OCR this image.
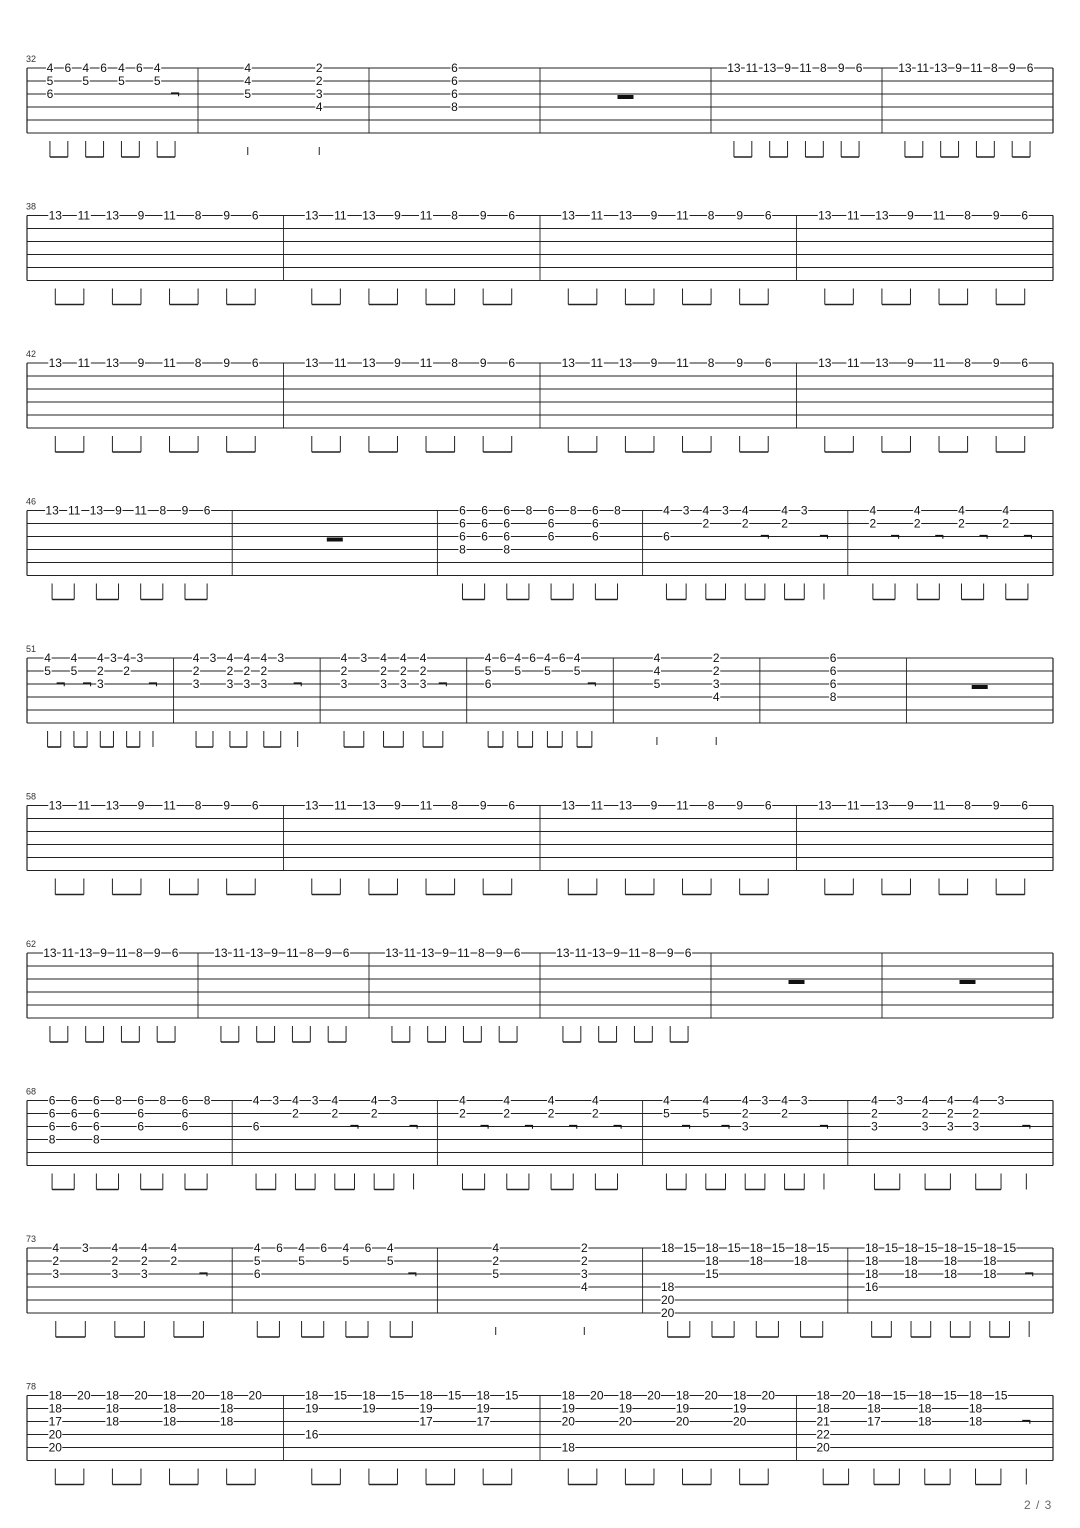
32
4
5
6
6 4
5
6 4
5
6 4
5
¬
4
4
5
2
2
3
4
6
6
6
8
13 11 13 9 11 8 9 6	13 11 13 9 11 8 9 6
38
13 11 13 9 11 8 9 6	13 11 13 9 11 8 9 6	13 11 13 9 11 8 9 6	13 11 13 9 11 8 9 6
42
13 11 13 9 11 8 9 6	13 11 13 9 11 8 9 6	13 11 13 9 11 8 9 6	13 11 13 9 11 8 9 6
46
13 11 13 9 11 8 9 6	6
6
6
8
6
6
6
6
6
6
8
8 6
6
6
8 6
6
6
8	4
6
3 4
2
3 4
2
¬
4
2
3
¬
4
2
¬
4
2
¬
4
2
¬
4
2
¬
51
4
5
¬
4
5
¬
4
2
3
3 4
2
3
¬
4
2
3
3 4
2
3
4
2
3
4
2
3
3
¬
4
2
3
3 4
2
3
4
2
3
4
2
3 ¬
4
5
6
6 4
5
6 4
5
6 4
5
¬
4
4
5
2
2
3
4
6
6
6
8
58
13 11 13 9 11 8 9 6	13 11 13 9 11 8 9 6	13 11 13 9 11 8 9 6	13 11 13 9 11 8 9 6
62
13 11 13 9 11 8 9 6	13 11 13 9 11 8 9 6	13 11 13 9 11 8 9 6	13 11 13 9 11 8 9 6
68
6
6
6
8
6
6
6
6
6
6
8
8 6
6
6
8 6
6
6
8	4
6
3 4
2
3 4
2
¬
4
2
3
¬
4
2
¬
4
2
¬
4
2
¬
4
2
¬
4
5
¬
4
5
¬
4
2
3
3 4
2
3
¬
4
2
3
3 4
2
3
4
2
3
4
2
3
3
¬
73
4
2
3
3 4
2
3
4
2
3
4
2
¬
4
5
6
6 4
5
6 4
5
6 4
5
¬
4
2
5
2
2
3
4
18
18
20
20
15 18
18
15
15 18
18
15 18
18
15	18
18
18
16
15 18
18
18
15 18
18
18
15 18
18
18
15
¬
78
18
18
17
20
20
20 18
18
18
20 18
18
18
20 18
18
18
20	18
19
16
15 18
19
15 18
19
17
15 18
19
17
15	18
19
20
18
20 18
19
20
20 18
19
20
20 18
19
20
20	18
18
21
22
20
20 18
18
17
15 18
18
18
15 18
18
18
15
¬
2 / 3
